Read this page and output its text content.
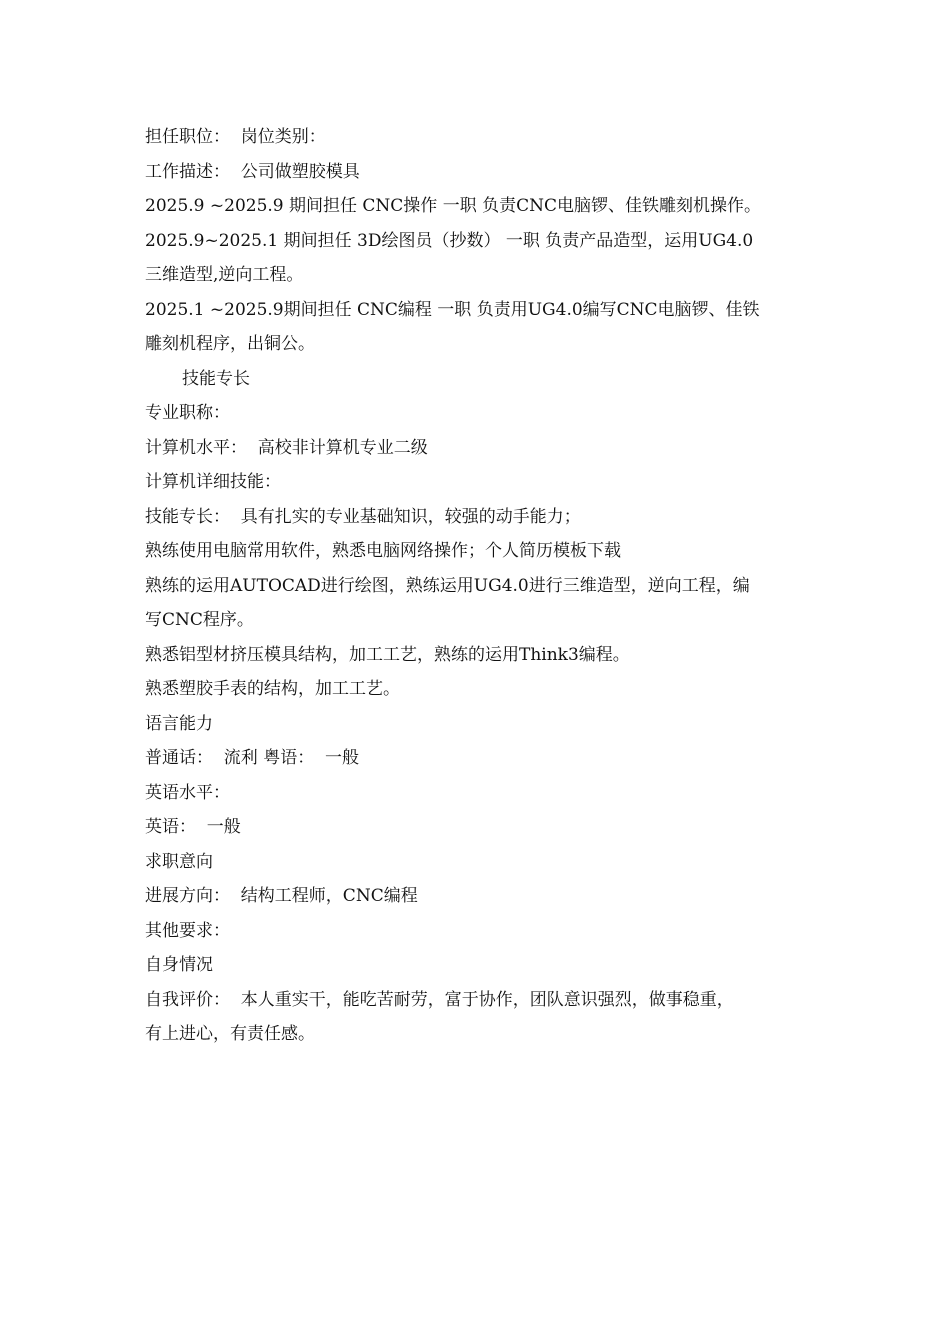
担任职位：  岗位类别：

工作描述：  公司做塑胶模具

2025.9 ~2025.9 期间担任 CNC操作 一职 负责CNC电脑锣、佳铁雕刻机操作。

2025.9~2025.1 期间担任 3D绘图员（抄数） 一职 负责产品造型，运用UG4.0

三维造型,逆向工程。

2025.1 ~2025.9期间担任 CNC编程 一职 负责用UG4.0编写CNC电脑锣、佳铁

雕刻机程序，出铜公。

技能专长

专业职称：

计算机水平：  高校非计算机专业二级

计算机详细技能：

技能专长：  具有扎实的专业基础知识，较强的动手能力；

熟练使用电脑常用软件，熟悉电脑网络操作；个人简历模板下载

熟练的运用AUTOCAD进行绘图，熟练运用UG4.0进行三维造型，逆向工程，编

写CNC程序。

熟悉铝型材挤压模具结构，加工工艺，熟练的运用Think3编程。

熟悉塑胶手表的结构，加工工艺。

语言能力

普通话：  流利 粤语：  一般

英语水平：

英语：  一般

求职意向

进展方向：  结构工程师，CNC编程

其他要求：

自身情况

自我评价：  本人重实干，能吃苦耐劳，富于协作，团队意识强烈，做事稳重，

有上进心，有责任感。
